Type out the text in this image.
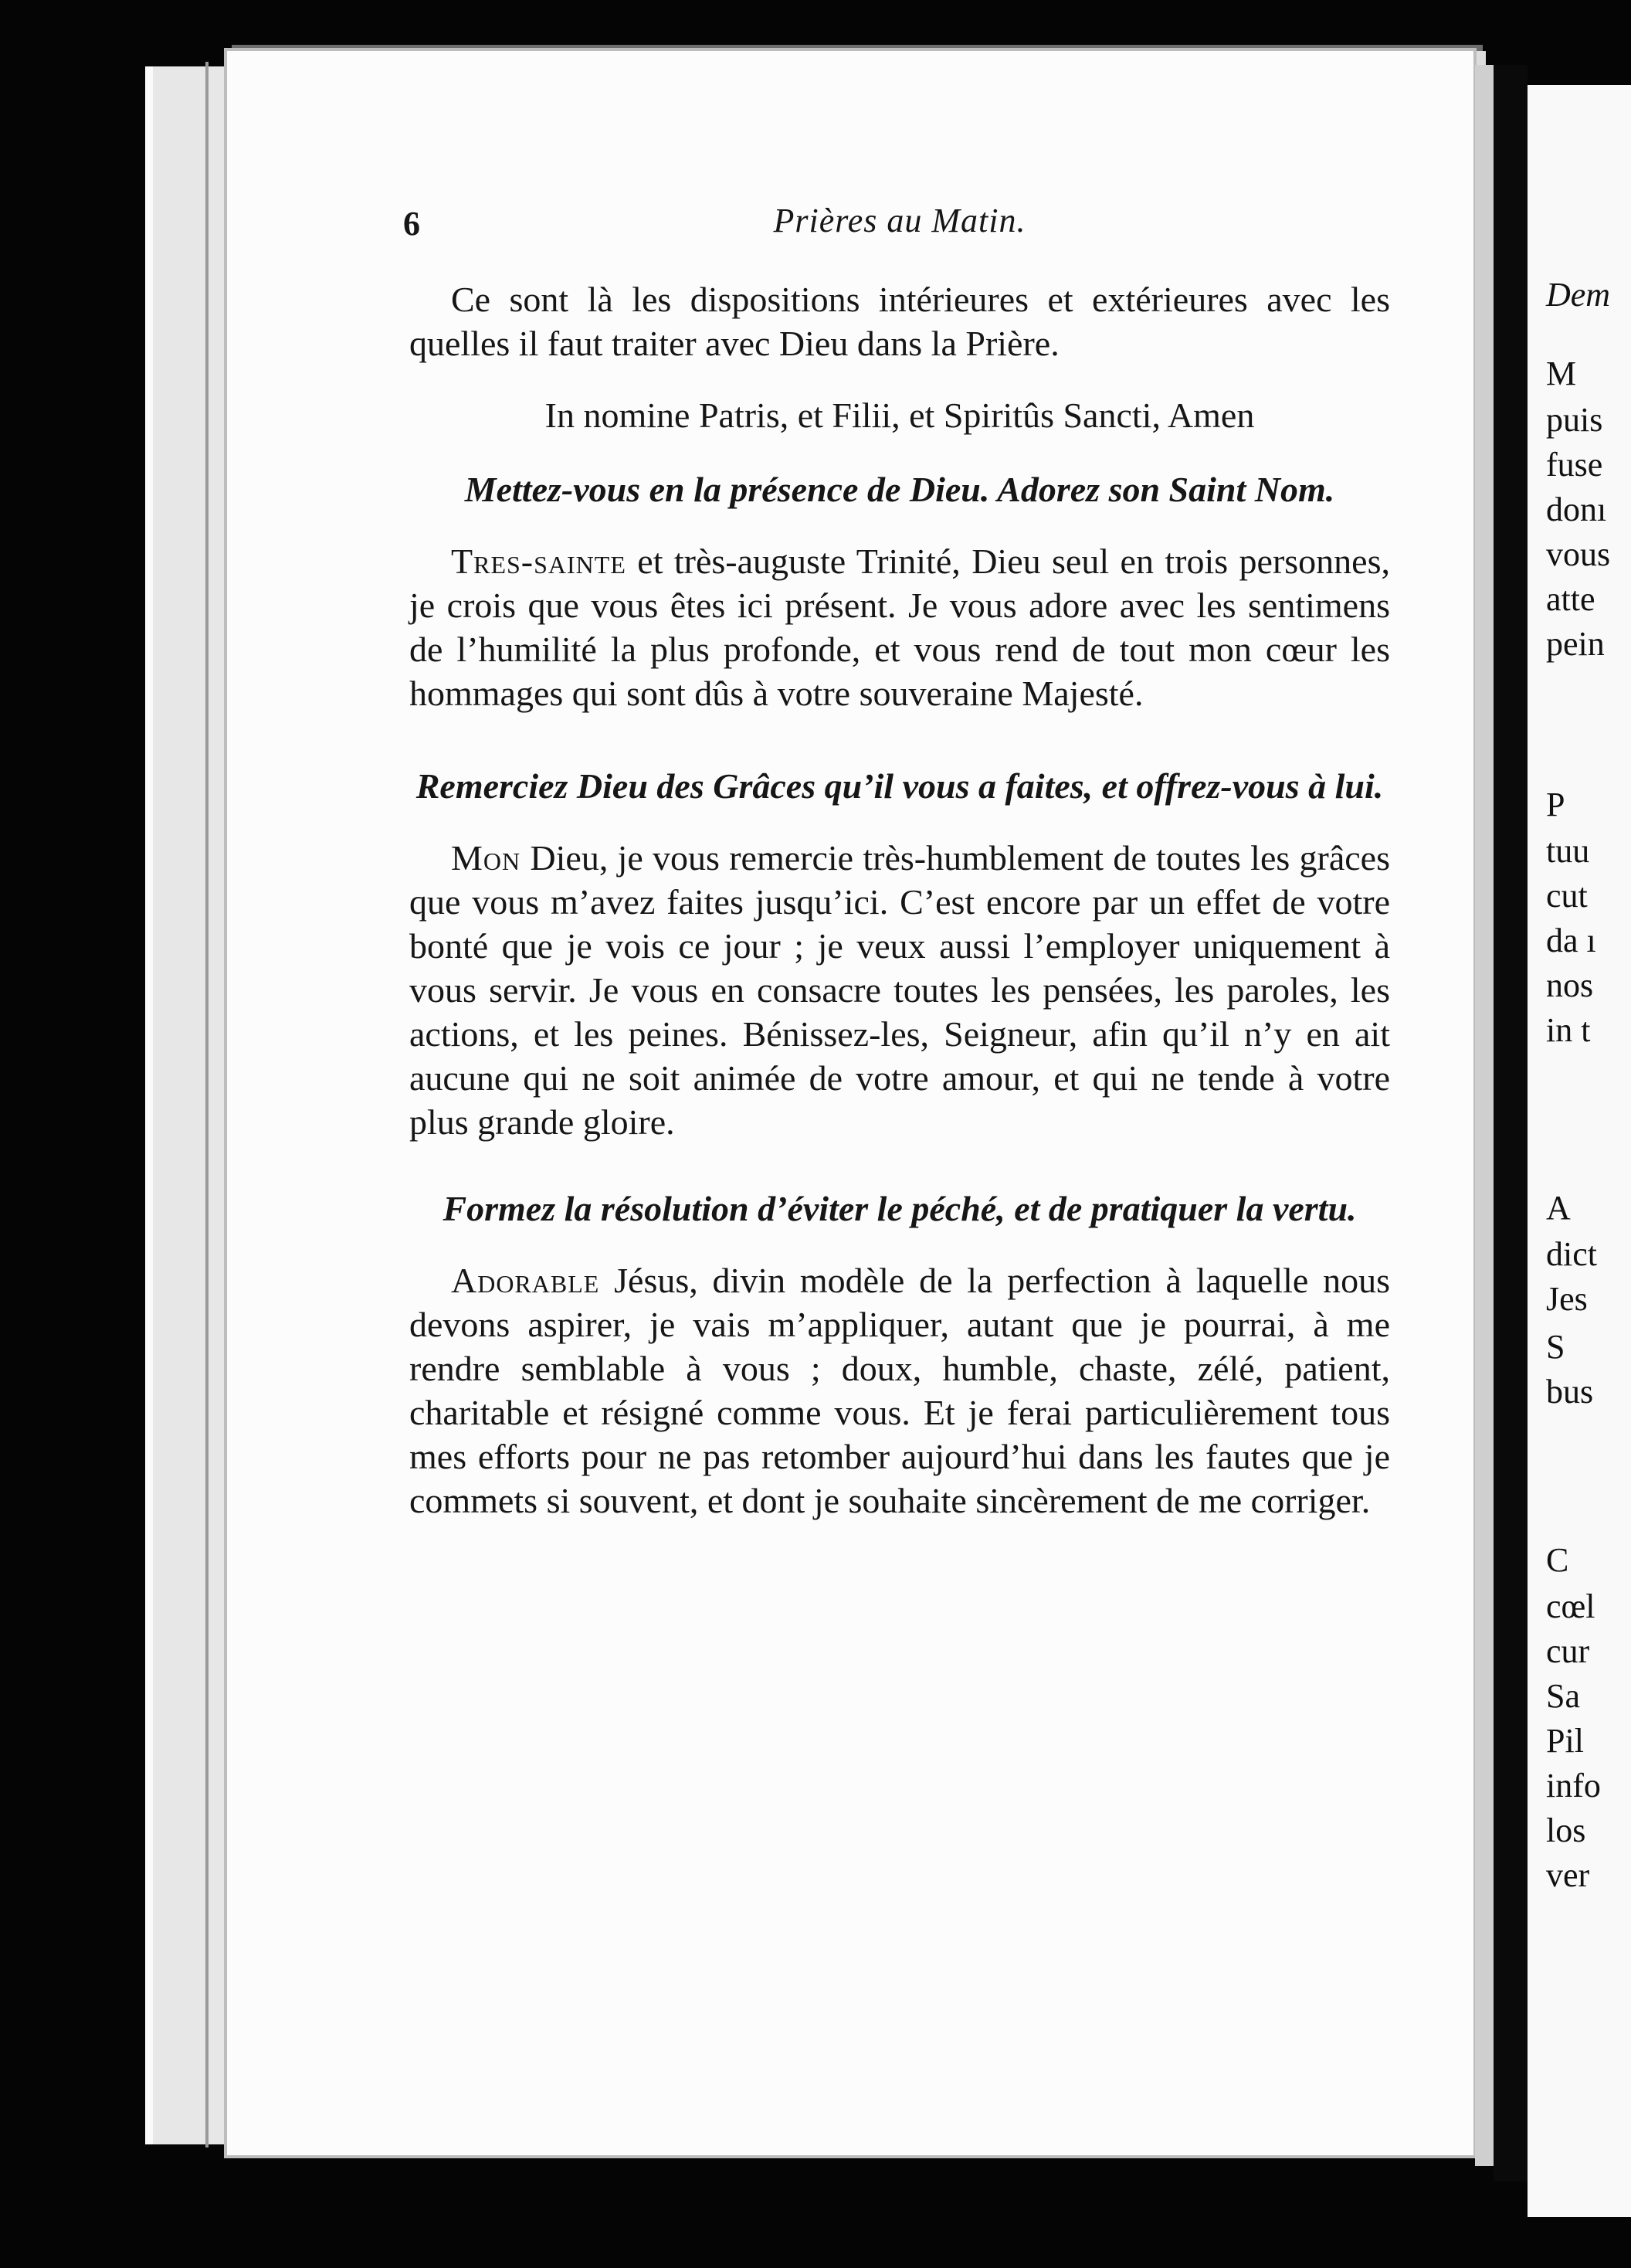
6	Prières au Matin.

Ce sont là les dispositions intérieures et extérieures avec les quelles il faut traiter avec Dieu dans la Prière.

In nomine Patris, et Filii, et Spiritûs Sancti, Amen

Mettez-vous en la présence de Dieu. Adorez son Saint Nom.

Tres-sainte et très-auguste Trinité, Dieu seul en trois personnes, je crois que vous êtes ici présent. Je vous adore avec les sentimens de l’humilité la plus profonde, et vous rend de tout mon cœur les hommages qui sont dûs à votre souveraine Majesté.

Remerciez Dieu des Grâces qu’il vous a faites, et offrez-vous à lui.

Mon Dieu, je vous remercie très-humblement de toutes les grâces que vous m’avez faites jusqu’ici. C’est encore par un effet de votre bonté que je vois ce jour ; je veux aussi l’employer uniquement à vous servir. Je vous en consacre toutes les pensées, les paroles, les actions, et les peines. Bénissez-les, Seigneur, afin qu’il n’y en ait aucune qui ne soit animée de votre amour, et qui ne tende à votre plus grande gloire.

Formez la résolution d’éviter le péché, et de pratiquer la vertu.

Adorable Jésus, divin modèle de la perfection à laquelle nous devons aspirer, je vais m’appliquer, autant que je pourrai, à me rendre semblable à vous ; doux, humble, chaste, zélé, patient, charitable et résigné comme vous. Et je ferai particulièrement tous mes efforts pour ne pas retomber aujourd’hui dans les fautes que je commets si souvent, et dont je souhaite sincèrement de me corriger.

Dem
M
puis
fuse
donı
vous
atte
pein
P
tuu
cut
da ı
nos
in t
A
dict
Jes
S
bus
C
cœl
cur
Sa
Pil
info
los
ver
